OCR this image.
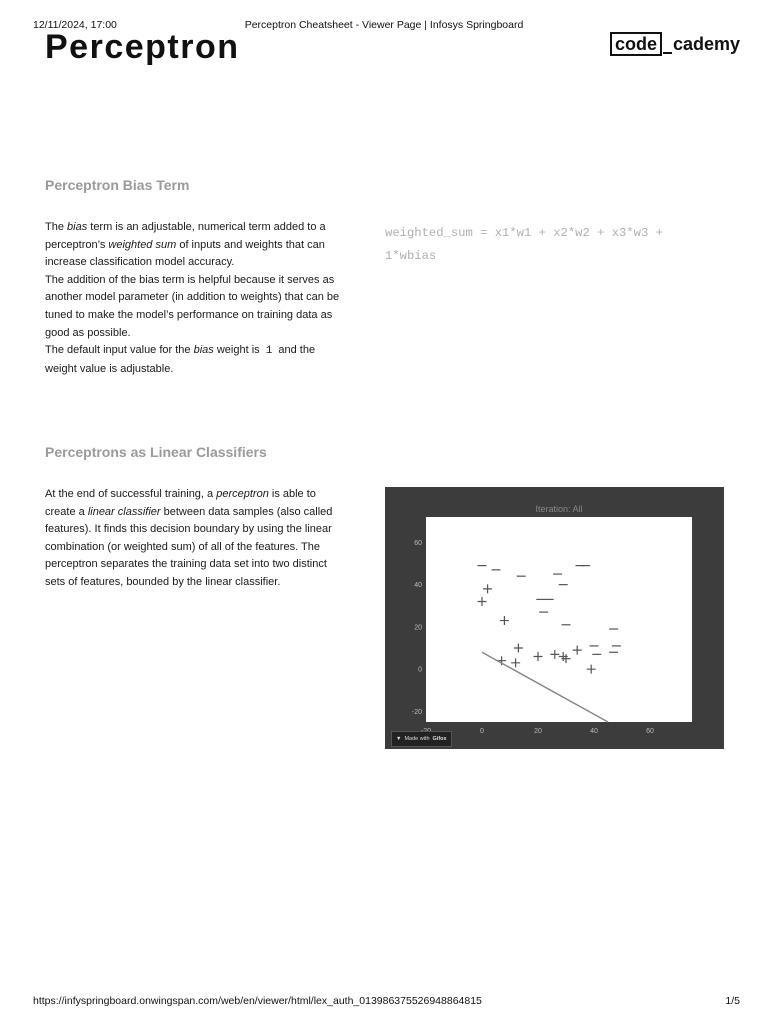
12/11/2024, 17:00	Perceptron Cheatsheet - Viewer Page | Infosys Springboard
Perceptron	code cademy
Perceptron Bias Term

The bias term is an adjustable, numerical term added to a perceptron’s weighted sum of inputs and weights that can increase classification model accuracy.

The addition of the bias term is helpful because it serves as another model parameter (in addition to weights) that can be tuned to make the model’s performance on training data as good as possible.

The default input value for the bias weight is 1 and the weight value is adjustable.

weighted_sum = x1*w1 + x2*w2 + x3*w3 +
1*wbias
Perceptrons as Linear Classifiers

At the end of successful training, a perceptron is able to create a linear classifier between data samples (also called features). It finds this decision boundary by using the linear combination (or weighted sum) of all of the features. The perceptron separates the training data set into two distinct sets of features, bounded by the linear classifier.

Iteration: All
0	20	40	60
-20
0
20
40
60
▼ Made with Gifox
https://infyspringboard.onwingspan.com/web/en/viewer/html/lex_auth_0139863755269488648​15	1/5
